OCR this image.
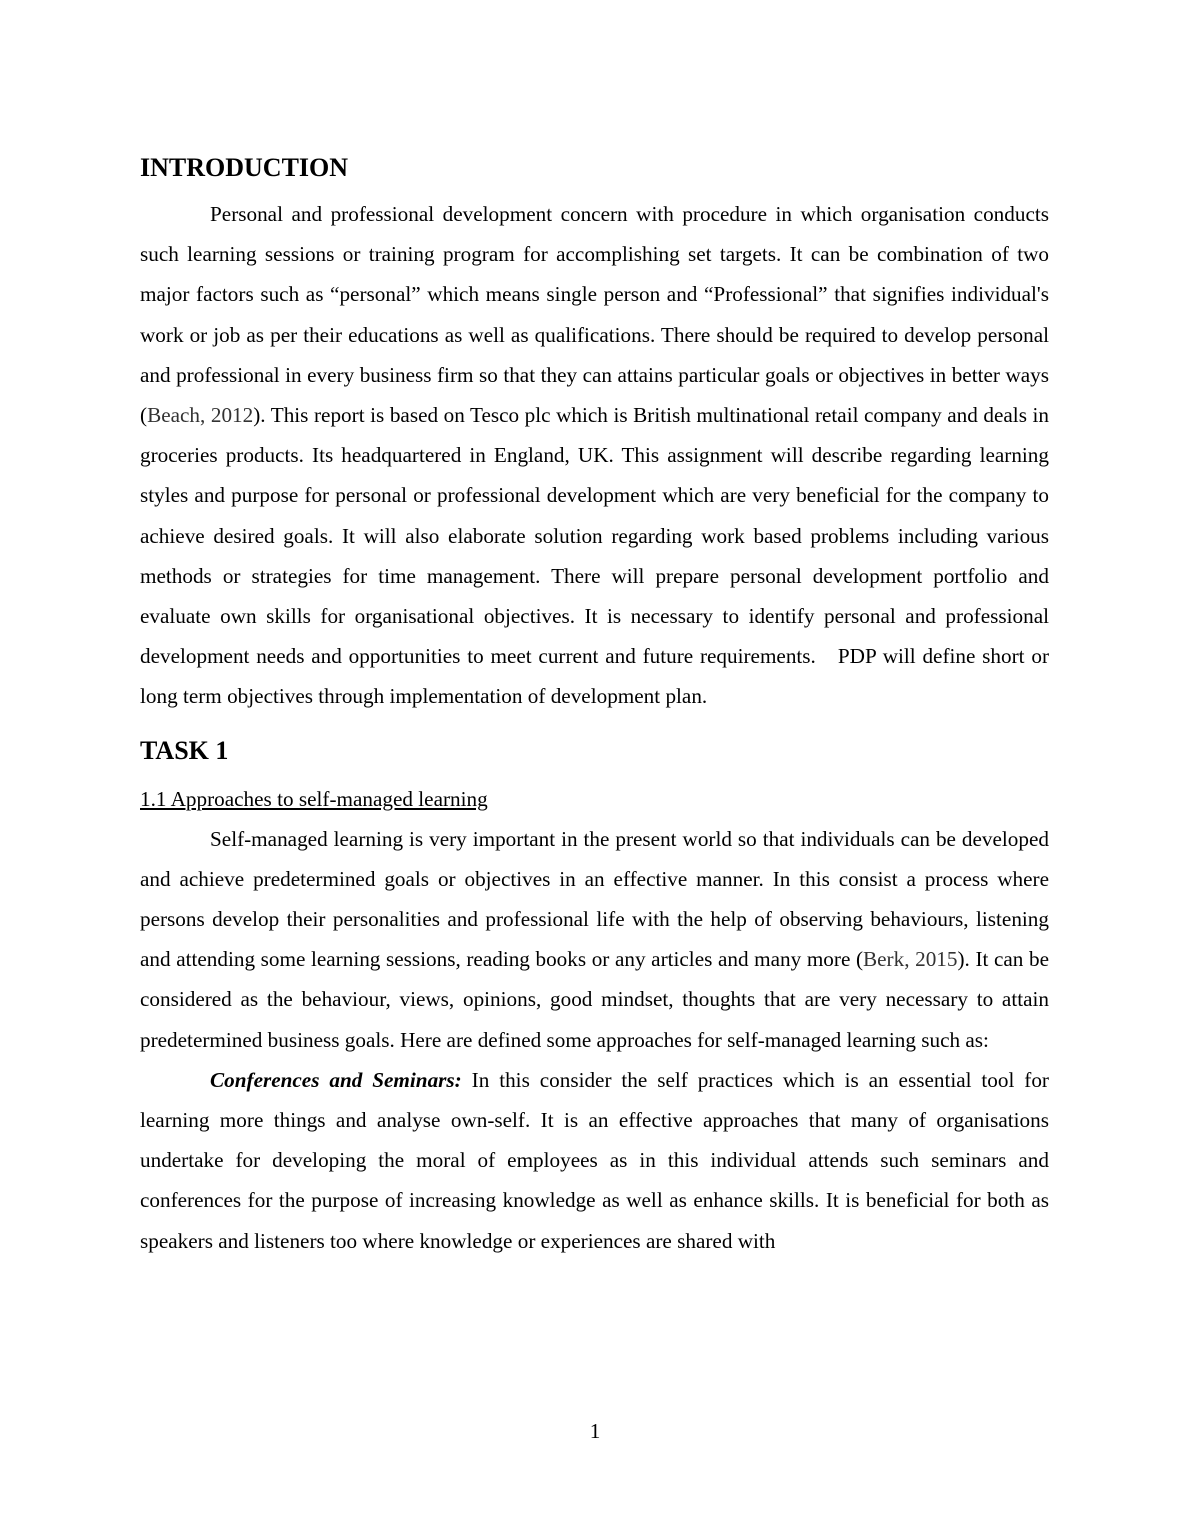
INTRODUCTION

Personal and professional development concern with procedure in which organisation conducts such learning sessions or training program for accomplishing set targets. It can be combination of two major factors such as “personal” which means single person and “Professional” that signifies individual's work or job as per their educations as well as qualifications. There should be required to develop personal and professional in every business firm so that they can attains particular goals or objectives in better ways (Beach, 2012). This report is based on Tesco plc which is British multinational retail company and deals in groceries products. Its headquartered in England, UK. This assignment will describe regarding learning styles and purpose for personal or professional development which are very beneficial for the company to achieve desired goals. It will also elaborate solution regarding work based problems including various methods or strategies for time management. There will prepare personal development portfolio and evaluate own skills for organisational objectives. It is necessary to identify personal and professional development needs and opportunities to meet current and future requirements. PDP will define short or long term objectives through implementation of development plan.

TASK 1

1.1 Approaches to self-managed learning

Self-managed learning is very important in the present world so that individuals can be developed and achieve predetermined goals or objectives in an effective manner. In this consist a process where persons develop their personalities and professional life with the help of observing behaviours, listening and attending some learning sessions, reading books or any articles and many more (Berk, 2015). It can be considered as the behaviour, views, opinions, good mindset, thoughts that are very necessary to attain predetermined business goals. Here are defined some approaches for self-managed learning such as:

Conferences and Seminars: In this consider the self practices which is an essential tool for learning more things and analyse own-self. It is an effective approaches that many of organisations undertake for developing the moral of employees as in this individual attends such seminars and conferences for the purpose of increasing knowledge as well as enhance skills. It is beneficial for both as speakers and listeners too where knowledge or experiences are shared with

1
